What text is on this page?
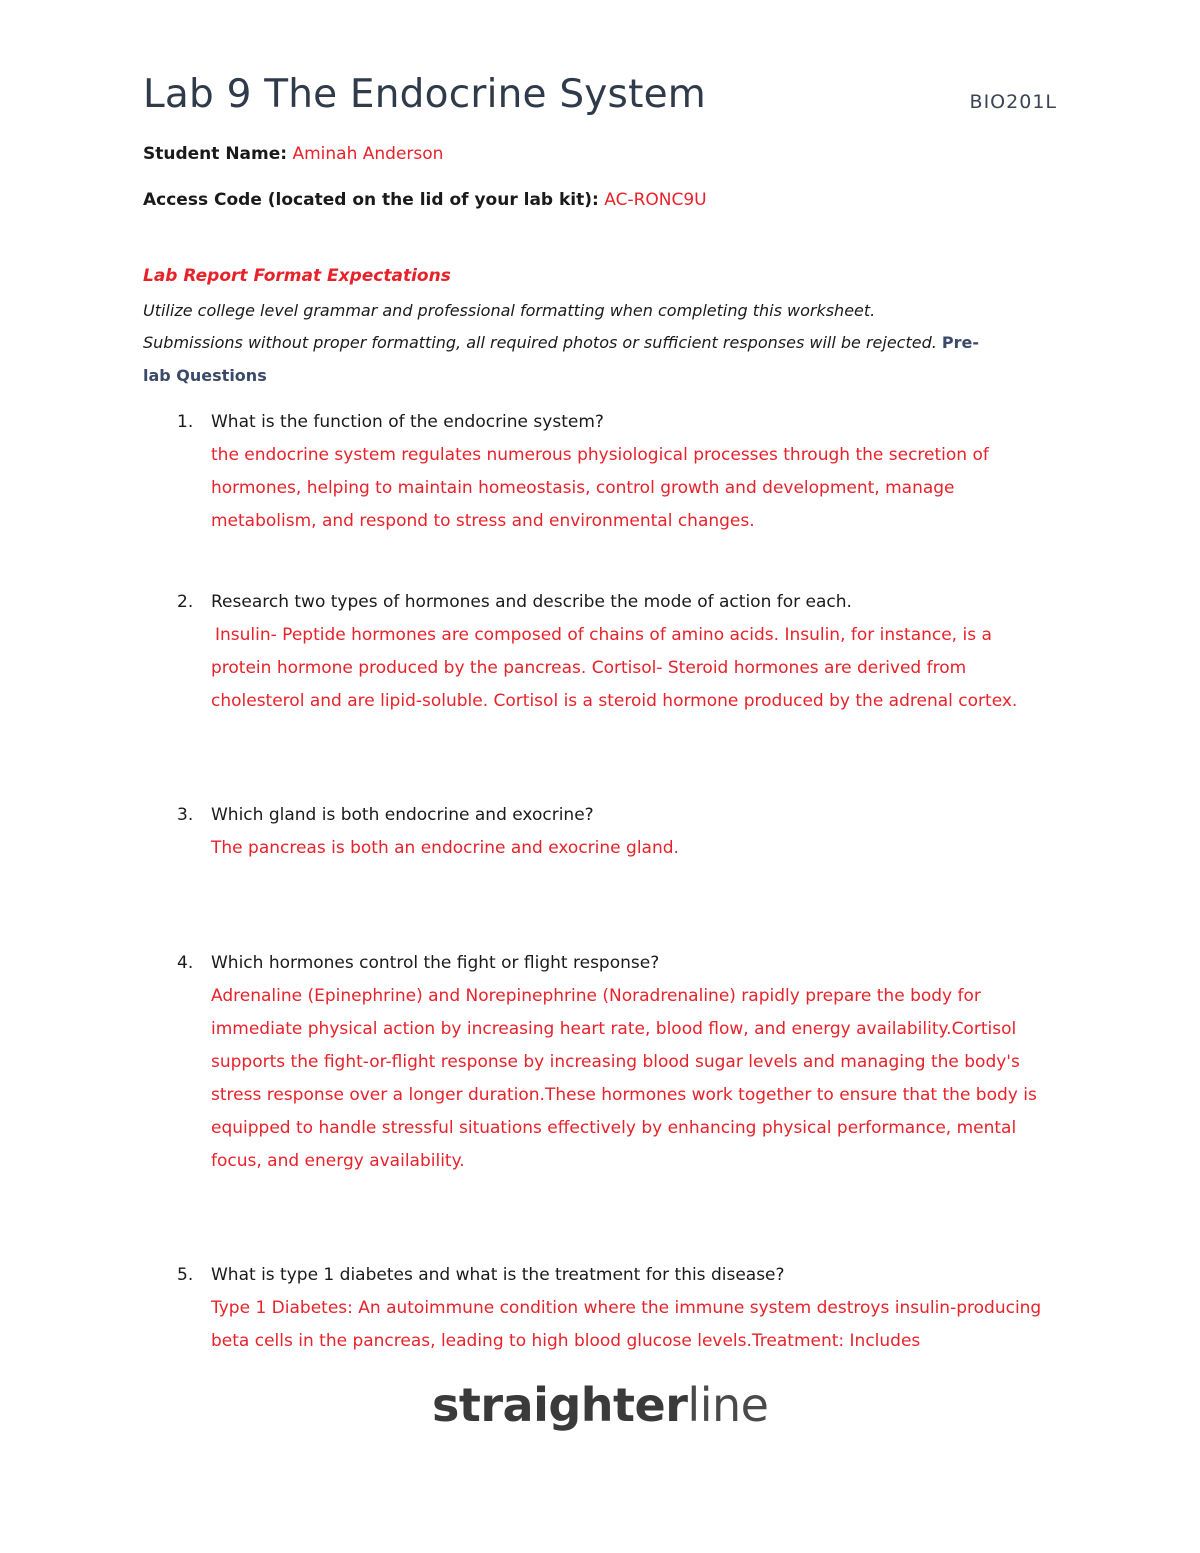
Lab 9 The Endocrine System	BIO201L
Student Name: Aminah Anderson
Access Code (located on the lid of your lab kit): AC-RONC9U
Lab Report Format Expectations
Utilize college level grammar and professional formatting when completing this worksheet.
Submissions without proper formatting, all required photos or sufficient responses will be rejected. Pre-
lab Questions
1. What is the function of the endocrine system?
the endocrine system regulates numerous physiological processes through the secretion of hormones, helping to maintain homeostasis, control growth and development, manage metabolism, and respond to stress and environmental changes.
2. Research two types of hormones and describe the mode of action for each.
Insulin- Peptide hormones are composed of chains of amino acids. Insulin, for instance, is a protein hormone produced by the pancreas. Cortisol- Steroid hormones are derived from cholesterol and are lipid-soluble. Cortisol is a steroid hormone produced by the adrenal cortex.
3. Which gland is both endocrine and exocrine?
The pancreas is both an endocrine and exocrine gland.
4. Which hormones control the fight or flight response?
Adrenaline (Epinephrine) and Norepinephrine (Noradrenaline) rapidly prepare the body for immediate physical action by increasing heart rate, blood flow, and energy availability.Cortisol supports the fight-or-flight response by increasing blood sugar levels and managing the body's stress response over a longer duration.These hormones work together to ensure that the body is equipped to handle stressful situations effectively by enhancing physical performance, mental focus, and energy availability.
5. What is type 1 diabetes and what is the treatment for this disease?
Type 1 Diabetes: An autoimmune condition where the immune system destroys insulin-producing beta cells in the pancreas, leading to high blood glucose levels.Treatment: Includes
straighterline
